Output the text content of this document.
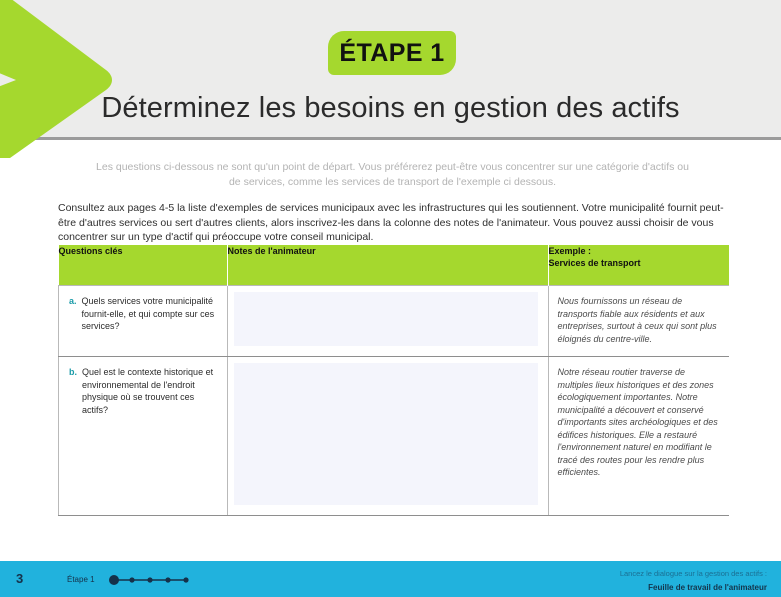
ÉTAPE 1
Déterminez les besoins en gestion des actifs
Les questions ci-dessous ne sont qu'un point de départ. Vous préférerez peut-être vous concentrer sur une catégorie d'actifs ou de services, comme les services de transport de l'exemple ci dessous.
Consultez aux pages 4-5 la liste d'exemples de services municipaux avec les infrastructures qui les soutiennent. Votre municipalité fournit peut-être d'autres services ou sert d'autres clients, alors inscrivez-les dans la colonne des notes de l'animateur. Vous pouvez aussi choisir de vous concentrer sur un type d'actif qui préoccupe votre conseil municipal.
Questions clés	Notes de l'animateur	Exemple :
Services de transport

a. Quels services votre municipalité fournit-elle, et qui compte sur ces services?		Nous fournissons un réseau de transports fiable aux résidents et aux entreprises, surtout à ceux qui sont plus éloignés du centre-ville.

b. Quel est le contexte historique et environnemental de l'endroit physique où se trouvent ces actifs?		Notre réseau routier traverse de multiples lieux historiques et des zones écologiquement importantes. Notre municipalité a découvert et conservé d'importants sites archéologiques et des édifices historiques. Elle a restauré l'environnement naturel en modifiant le tracé des routes pour les rendre plus efficientes.
3	Étape 1
Lancez le dialogue sur la gestion des actifs :
Feuille de travail de l'animateur
